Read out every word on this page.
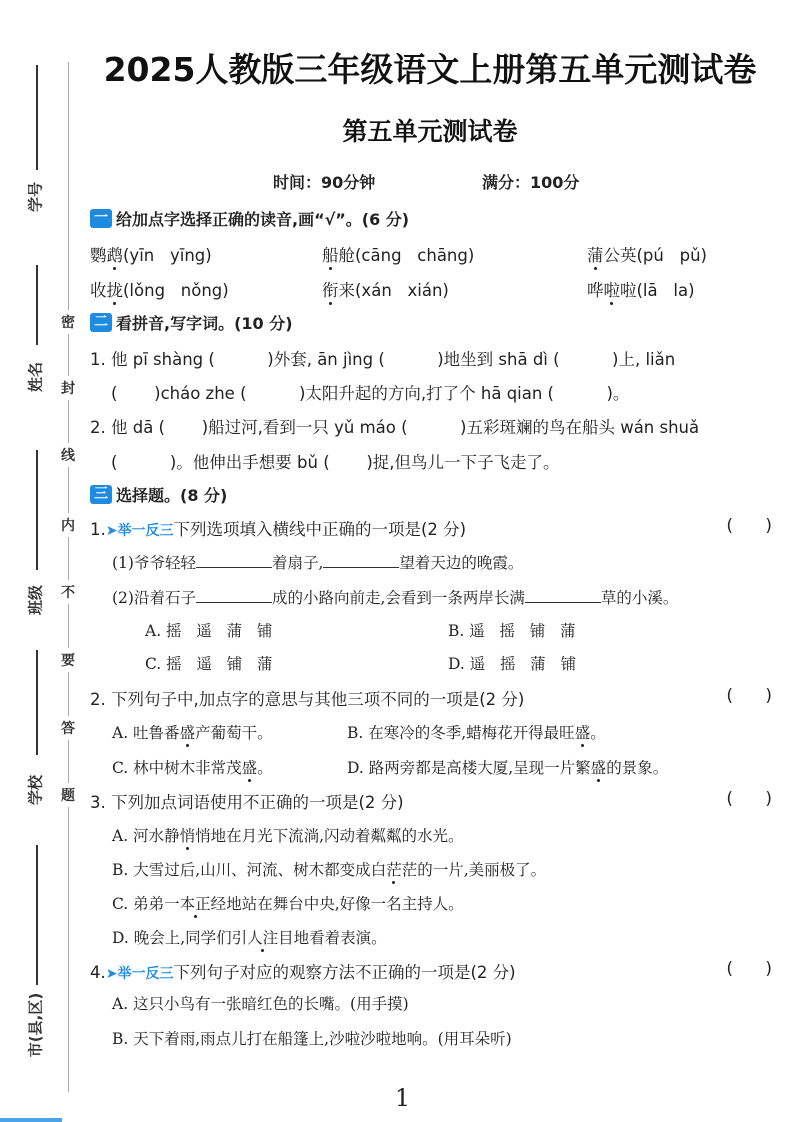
学号
姓名
班级
学校
市(县,区)
密
封
线
内
不
要
答
题
2025人教版三年级语文上册第五单元测试卷
第五单元测试卷
时间：90分钟	满分：100分
一 给加点字选择正确的读音,画“√”。(6 分)
鹦鹉(yīn   yīng)	船舱(cāng   chāng)	蒲公英(pú   pǔ)
收拢(lǒng   nǒng)	衔来(xán   xián)	哗啦啦(lā   la)
二 看拼音,写字词。(10 分)
1. 他 pī shàng (          )外套, ān jìng (          )地坐到 shā dì (          )上, liǎn
(       )cháo zhe (          )太阳升起的方向,打了个 hā qian (          )。
2. 他 dā (       )船过河,看到一只 yǔ máo (          )五彩斑斓的鸟在船头 wán shuǎ
(          )。他伸出手想要 bǔ (       )捉,但鸟儿一下子飞走了。
三 选择题。(8 分)
1.➤举一反三下列选项填入横线中正确的一项是(2 分)	(      )
(1)爷爷轻轻	着扇子,	望着天边的晚霞。
(2)沿着石子	成的小路向前走,会看到一条两岸长满	草的小溪。
A. 摇   遥   蒲   铺	B. 遥   摇   铺   蒲
C. 摇   遥   铺   蒲	D. 遥   摇   蒲   铺
2. 下列句子中,加点字的意思与其他三项不同的一项是(2 分)	(      )
A. 吐鲁番盛产葡萄干。	B. 在寒冷的冬季,蜡梅花开得最旺盛。
C. 林中树木非常茂盛。	D. 路两旁都是高楼大厦,呈现一片繁盛的景象。
3. 下列加点词语使用不正确的一项是(2 分)	(      )
A. 河水静悄悄地在月光下流淌,闪动着粼粼的水光。
B. 大雪过后,山川、河流、树木都变成白茫茫的一片,美丽极了。
C. 弟弟一本正经地站在舞台中央,好像一名主持人。
D. 晚会上,同学们引人注目地看着表演。
4.➤举一反三下列句子对应的观察方法不正确的一项是(2 分)	(      )
A. 这只小鸟有一张暗红色的长嘴。(用手摸)
B. 天下着雨,雨点儿打在船篷上,沙啦沙啦地响。(用耳朵听)
1
